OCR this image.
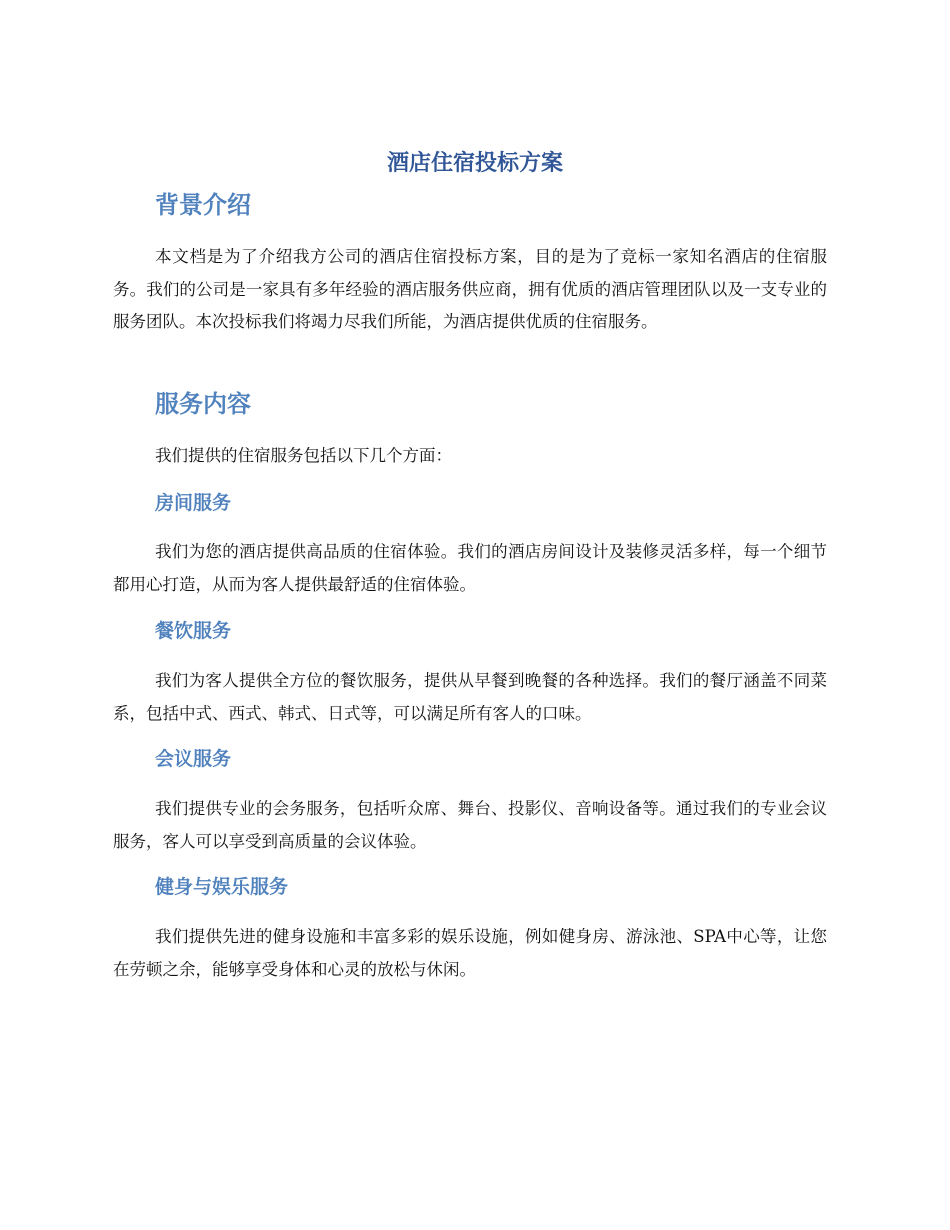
酒店住宿投标方案
背景介绍

本文档是为了介绍我方公司的酒店住宿投标方案，目的是为了竞标一家知名酒店的住宿服务。我们的公司是一家具有多年经验的酒店服务供应商，拥有优质的酒店管理团队以及一支专业的服务团队。本次投标我们将竭力尽我们所能，为酒店提供优质的住宿服务。

服务内容

我们提供的住宿服务包括以下几个方面：

房间服务

我们为您的酒店提供高品质的住宿体验。我们的酒店房间设计及装修灵活多样，每一个细节都用心打造，从而为客人提供最舒适的住宿体验。

餐饮服务

我们为客人提供全方位的餐饮服务，提供从早餐到晚餐的各种选择。我们的餐厅涵盖不同菜系，包括中式、西式、韩式、日式等，可以满足所有客人的口味。

会议服务

我们提供专业的会务服务，包括听众席、舞台、投影仪、音响设备等。通过我们的专业会议服务，客人可以享受到高质量的会议体验。

健身与娱乐服务

我们提供先进的健身设施和丰富多彩的娱乐设施，例如健身房、游泳池、SPA中心等，让您在劳顿之余，能够享受身体和心灵的放松与休闲。
